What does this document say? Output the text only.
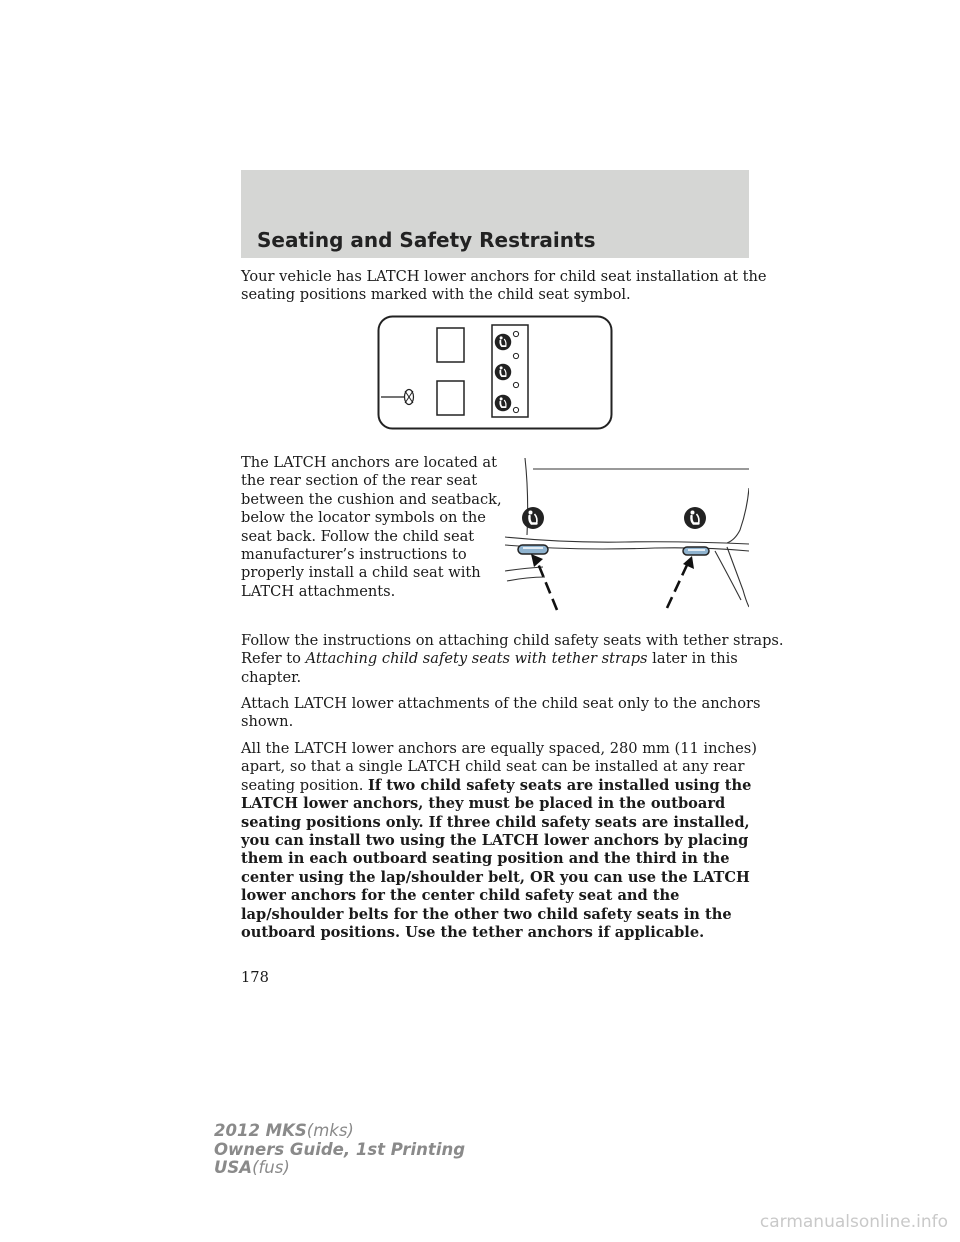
Seating and Safety Restraints

Your vehicle has LATCH lower anchors for child seat installation at the
seating positions marked with the child seat symbol.

The LATCH anchors are located at
the rear section of the rear seat
between the cushion and seatback,
below the locator symbols on the
seat back. Follow the child seat
manufacturer’s instructions to
properly install a child seat with
LATCH attachments.

Follow the instructions on attaching child safety seats with tether straps.
Refer to Attaching child safety seats with tether straps later in this
chapter.

Attach LATCH lower attachments of the child seat only to the anchors
shown.

All the LATCH lower anchors are equally spaced, 280 mm (11 inches)
apart, so that a single LATCH child seat can be installed at any rear
seating position. If two child safety seats are installed using the
LATCH lower anchors, they must be placed in the outboard
seating positions only. If three child safety seats are installed,
you can install two using the LATCH lower anchors by placing
them in each outboard seating position and the third in the
center using the lap/shoulder belt, OR you can use the LATCH
lower anchors for the center child safety seat and the
lap/shoulder belts for the other two child safety seats in the
outboard positions. Use the tether anchors if applicable.

178
2012 MKS(mks)
Owners Guide, 1st Printing
USA(fus)
carmanualsonline.info
